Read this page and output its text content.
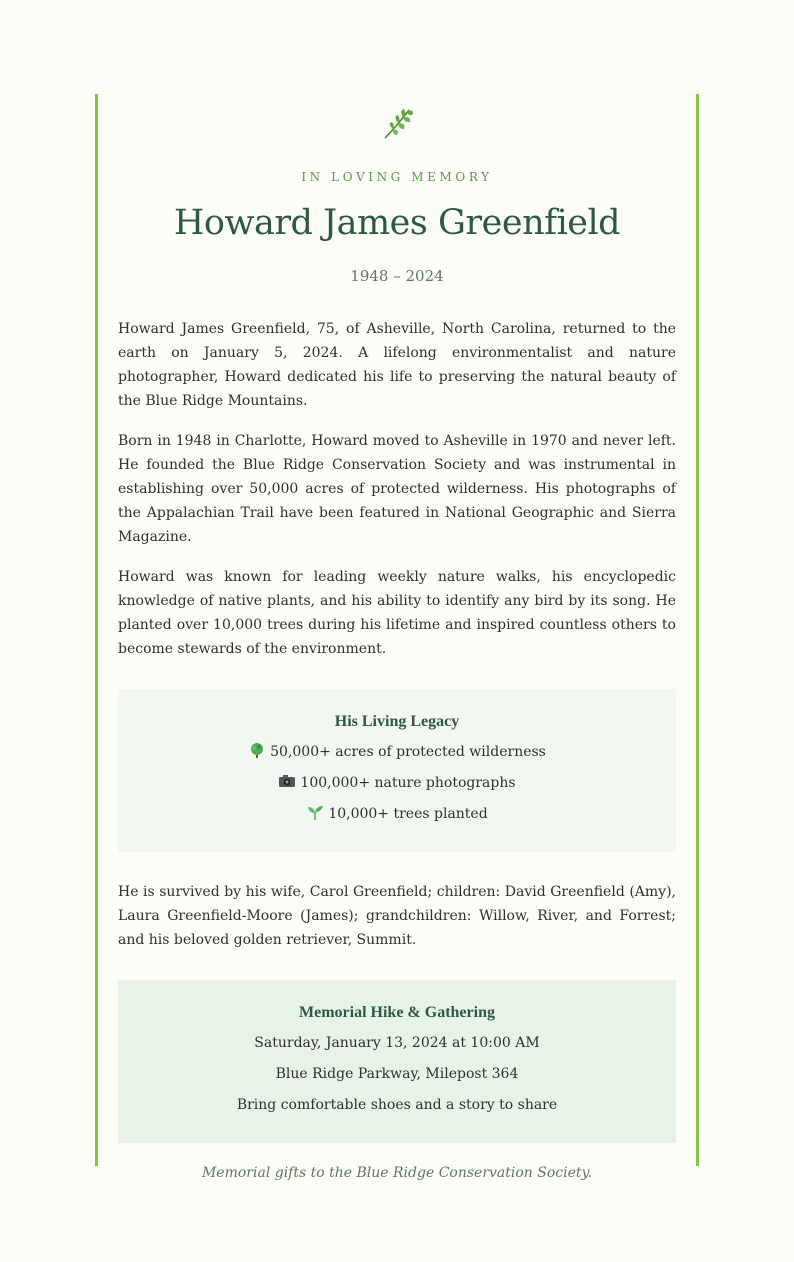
IN LOVING MEMORY
Howard James Greenfield
1948 – 2024

Howard James Greenfield, 75, of Asheville, North Carolina, returned to the earth on January 5, 2024. A lifelong environmentalist and nature photographer, Howard dedicated his life to preserving the natural beauty of the Blue Ridge Mountains.

Born in 1948 in Charlotte, Howard moved to Asheville in 1970 and never left. He founded the Blue Ridge Conservation Society and was instrumental in establishing over 50,000 acres of protected wilderness. His photographs of the Appalachian Trail have been featured in National Geographic and Sierra Magazine.

Howard was known for leading weekly nature walks, his encyclopedic knowledge of native plants, and his ability to identify any bird by its song. He planted over 10,000 trees during his lifetime and inspired countless others to become stewards of the environment.

His Living Legacy
50,000+ acres of protected wilderness
100,000+ nature photographs
10,000+ trees planted

He is survived by his wife, Carol Greenfield; children: David Greenfield (Amy), Laura Greenfield-Moore (James); grandchildren: Willow, River, and Forrest; and his beloved golden retriever, Summit.

Memorial Hike & Gathering
Saturday, January 13, 2024 at 10:00 AM
Blue Ridge Parkway, Milepost 364
Bring comfortable shoes and a story to share
Memorial gifts to the Blue Ridge Conservation Society.
